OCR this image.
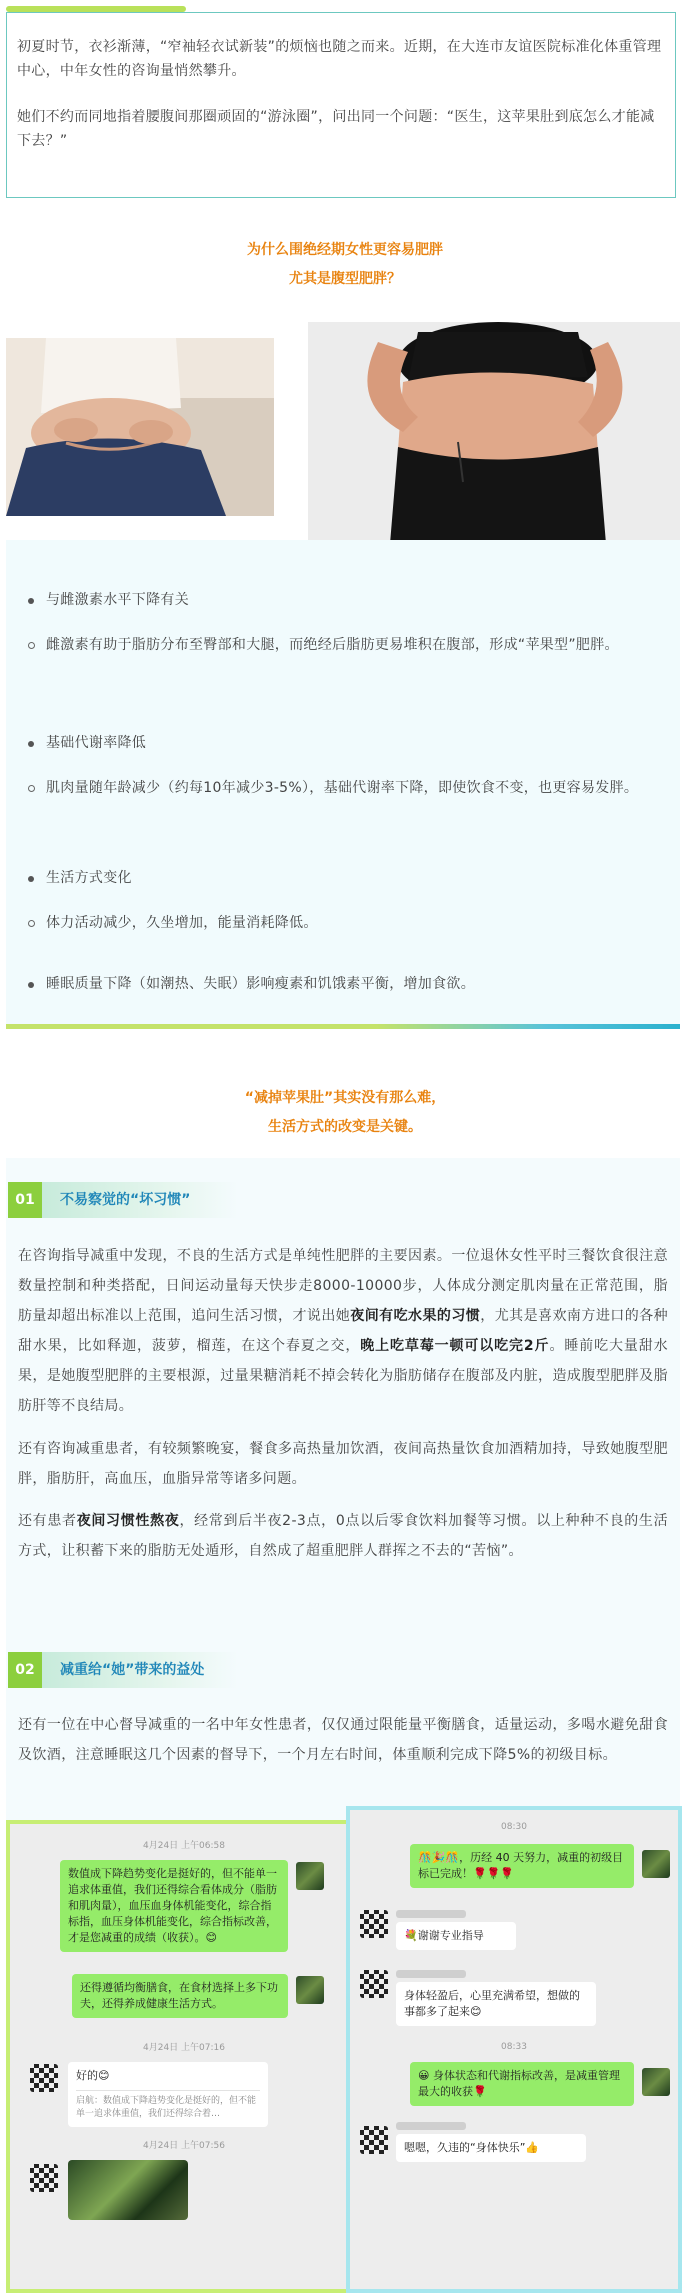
初夏时节，衣衫渐薄，“窄袖轻衣试新装”的烦恼也随之而来。近期，在大连市友谊医院标准化体重管理中心，中年女性的咨询量悄然攀升。

她们不约而同地指着腰腹间那圈顽固的“游泳圈”，问出同一个问题：“医生，这苹果肚到底怎么才能减下去？”

为什么围绝经期女性更容易肥胖
尤其是腹型肥胖？
与雌激素水平下降有关
雌激素有助于脂肪分布至臀部和大腿，而绝经后脂肪更易堆积在腹部，形成“苹果型”肥胖。
基础代谢率降低
肌肉量随年龄减少（约每10年减少3-5%），基础代谢率下降，即使饮食不变，也更容易发胖。
生活方式变化
体力活动减少，久坐增加，能量消耗降低。
睡眠质量下降（如潮热、失眠）影响瘦素和饥饿素平衡，增加食欲。
“减掉苹果肚”其实没有那么难，
生活方式的改变是关键。
01	不易察觉的“坏习惯”
在咨询指导减重中发现，不良的生活方式是单纯性肥胖的主要因素。一位退休女性平时三餐饮食很注意数量控制和种类搭配，日间运动量每天快步走8000-10000步，人体成分测定肌肉量在正常范围，脂肪量却超出标准以上范围，追问生活习惯，才说出她夜间有吃水果的习惯，尤其是喜欢南方进口的各种甜水果，比如释迦，菠萝，榴莲，在这个春夏之交，晚上吃草莓一顿可以吃完2斤。睡前吃大量甜水果，是她腹型肥胖的主要根源，过量果糖消耗不掉会转化为脂肪储存在腹部及内脏，造成腹型肥胖及脂肪肝等不良结局。
还有咨询减重患者，有较频繁晚宴，餐食多高热量加饮酒，夜间高热量饮食加酒精加持，导致她腹型肥胖，脂肪肝，高血压，血脂异常等诸多问题。
还有患者夜间习惯性熬夜，经常到后半夜2-3点，0点以后零食饮料加餐等习惯。以上种种不良的生活方式，让积蓄下来的脂肪无处遁形，自然成了超重肥胖人群挥之不去的“苦恼”。
02	减重给“她”带来的益处
还有一位在中心督导减重的一名中年女性患者，仅仅通过限能量平衡膳食，适量运动，多喝水避免甜食及饮酒，注意睡眠这几个因素的督导下，一个月左右时间，体重顺利完成下降5%的初级目标。
4月24日 上午06:58
数值成下降趋势变化是挺好的，但不能单一追求体重值，我们还得综合看体成分（脂肪和肌肉量），血压血身体机能变化，综合指标指，血压身体机能变化，综合指标改善，才是您减重的成绩（收获）。😊
还得遵循均衡膳食，在食材选择上多下功夫，还得养成健康生活方式。
4月24日 上午07:16
好的😊
启航：数值成下降趋势变化是挺好的，但不能单一追求体重值，我们还得综合着…
4月24日 上午07:56
08:30
🎊🎉🎊，历经 40 天努力，减重的初级目标已完成！🌹🌹🌹
💐谢谢专业指导
身体轻盈后，心里充满希望，想做的事都多了起来😊
08:33
😀 身体状态和代谢指标改善，是减重管理最大的收获🌹
嗯嗯，久违的“身体快乐”👍
